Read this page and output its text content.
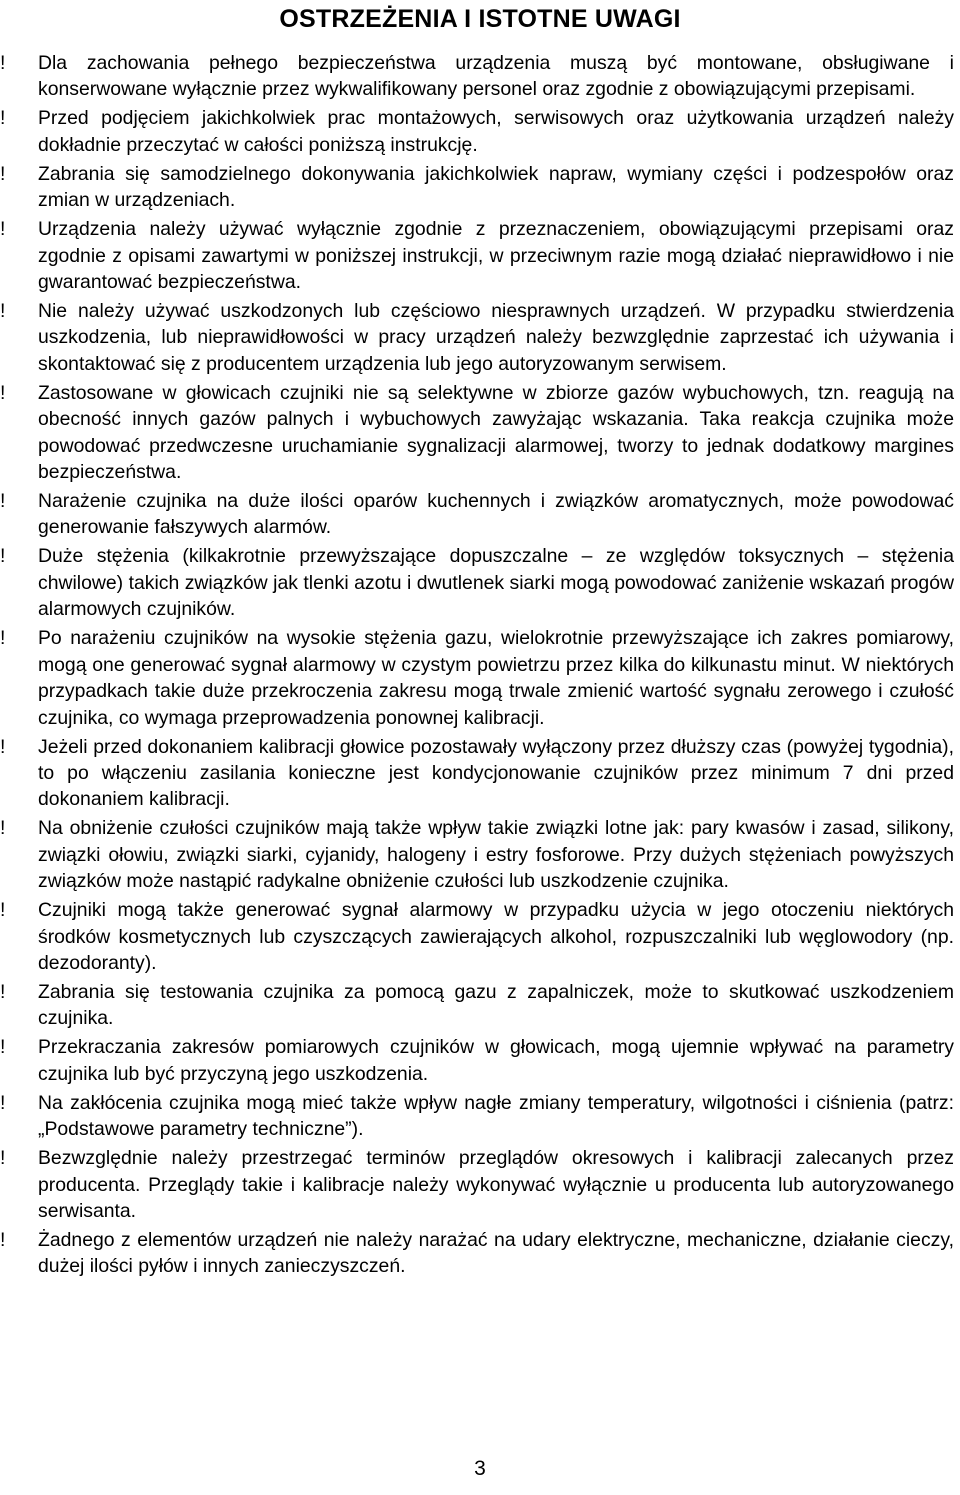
OSTRZEŻENIA I ISTOTNE UWAGI
!	Dla zachowania pełnego bezpieczeństwa urządzenia muszą być montowane, obsługiwane i konserwowane wyłącznie przez wykwalifikowany personel oraz zgodnie z obowiązującymi przepisami.
!	Przed podjęciem jakichkolwiek prac montażowych, serwisowych oraz użytkowania urządzeń należy dokładnie przeczytać w całości poniższą instrukcję.
!	Zabrania się samodzielnego dokonywania jakichkolwiek napraw, wymiany części i podzespołów oraz zmian w urządzeniach.
!	Urządzenia należy używać wyłącznie zgodnie z przeznaczeniem, obowiązującymi przepisami oraz zgodnie z opisami zawartymi w poniższej instrukcji, w przeciwnym razie mogą działać nieprawidłowo i nie gwarantować bezpieczeństwa.
!	Nie należy używać uszkodzonych lub częściowo niesprawnych urządzeń. W przypadku stwierdzenia uszkodzenia, lub nieprawidłowości w pracy urządzeń należy bezwzględnie zaprzestać ich używania i skontaktować się z producentem urządzenia lub jego autoryzowanym serwisem.
!	Zastosowane w głowicach czujniki nie są selektywne w zbiorze gazów wybuchowych, tzn. reagują na obecność innych gazów palnych i wybuchowych zawyżając wskazania. Taka reakcja czujnika może powodować przedwczesne uruchamianie sygnalizacji alarmowej, tworzy to jednak dodatkowy margines bezpieczeństwa.
!	Narażenie czujnika na duże ilości oparów kuchennych i związków aromatycznych, może powodować generowanie fałszywych alarmów.
!	Duże stężenia (kilkakrotnie przewyższające dopuszczalne – ze względów toksycznych – stężenia chwilowe) takich związków jak tlenki azotu i dwutlenek siarki mogą powodować zaniżenie wskazań progów alarmowych czujników.
!	Po narażeniu czujników na wysokie stężenia gazu, wielokrotnie przewyższające ich zakres pomiarowy, mogą one generować sygnał alarmowy w czystym powietrzu przez kilka do kilkunastu minut. W niektórych przypadkach takie duże przekroczenia zakresu mogą trwale zmienić wartość sygnału zerowego i czułość czujnika, co wymaga przeprowadzenia ponownej kalibracji.
!	Jeżeli przed dokonaniem kalibracji głowice pozostawały wyłączony przez dłuższy czas (powyżej tygodnia), to po włączeniu zasilania konieczne jest kondycjonowanie czujników przez minimum 7 dni przed dokonaniem kalibracji.
!	Na obniżenie czułości czujników mają także wpływ takie związki lotne jak: pary kwasów i zasad, silikony, związki ołowiu, związki siarki, cyjanidy, halogeny i estry fosforowe. Przy dużych stężeniach powyższych związków może nastąpić radykalne obniżenie czułości lub uszkodzenie czujnika.
!	Czujniki mogą także generować sygnał alarmowy w przypadku użycia w jego otoczeniu niektórych środków kosmetycznych lub czyszczących zawierających alkohol, rozpuszczalniki lub węglowodory (np. dezodoranty).
!	Zabrania się testowania czujnika za pomocą gazu z zapalniczek, może to skutkować uszkodzeniem czujnika.
!	Przekraczania zakresów pomiarowych czujników w głowicach, mogą ujemnie wpływać na parametry czujnika lub być przyczyną jego uszkodzenia.
!	Na zakłócenia czujnika mogą mieć także wpływ nagłe zmiany temperatury, wilgotności i ciśnienia (patrz: „Podstawowe parametry techniczne”).
!	Bezwzględnie należy przestrzegać terminów przeglądów okresowych i kalibracji zalecanych przez producenta. Przeglądy takie i kalibracje należy wykonywać wyłącznie u producenta lub autoryzowanego serwisanta.
!	Żadnego z elementów urządzeń nie należy narażać na udary elektryczne, mechaniczne, działanie cieczy, dużej ilości pyłów i innych zanieczyszczeń.
3
